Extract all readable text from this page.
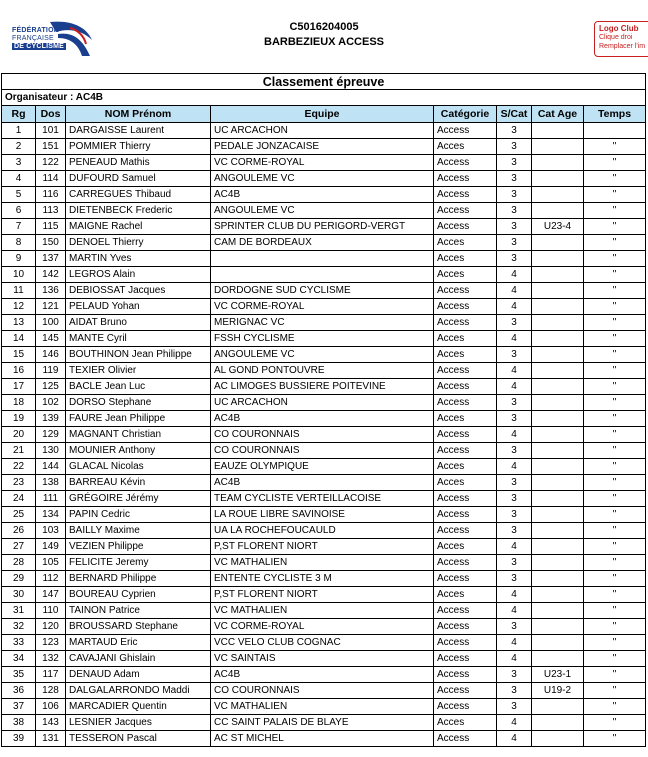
FÉDÉRATION
FRANÇAISE
DE CYCLISME
C5016204005
BARBEZIEUX ACCESS
Logo Club
Clique droi
Remplacer l'im
Classement épreuve							
Organisateur : AC4B							
Rg	Dos	NOM Prénom	Equipe	Catégorie	S/Cat	Cat Age	Temps
1	101	DARGAISSE Laurent	UC ARCACHON	Access	3		
2	151	POMMIER Thierry	PEDALE JONZACAISE	Acces	3		"
3	122	PENEAUD Mathis	VC CORME-ROYAL	Access	3		"
4	114	DUFOURD Samuel	ANGOULEME VC	Access	3		"
5	116	CARREGUES Thibaud	AC4B	Access	3		"
6	113	DIETENBECK Frederic	ANGOULEME VC	Access	3		"
7	115	MAIGNE Rachel	SPRINTER CLUB DU PERIGORD-VERGT	Access	3	U23-4	"
8	150	DENOEL Thierry	CAM DE BORDEAUX	Acces	3		"
9	137	MARTIN Yves		Acces	3		"
10	142	LEGROS Alain		Acces	4		"
11	136	DEBIOSSAT Jacques	DORDOGNE SUD CYCLISME	Access	4		"
12	121	PELAUD Yohan	VC CORME-ROYAL	Access	4		"
13	100	AIDAT Bruno	MERIGNAC VC	Access	3		"
14	145	MANTE Cyril	FSSH CYCLISME	Acces	4		"
15	146	BOUTHINON Jean Philippe	ANGOULEME VC	Acces	3		"
16	119	TEXIER Olivier	AL GOND PONTOUVRE	Access	4		"
17	125	BACLE Jean Luc	AC LIMOGES BUSSIERE POITEVINE	Access	4		"
18	102	DORSO Stephane	UC ARCACHON	Access	3		"
19	139	FAURE Jean Philippe	AC4B	Acces	3		"
20	129	MAGNANT Christian	CO COURONNAIS	Access	4		"
21	130	MOUNIER Anthony	CO COURONNAIS	Access	3		"
22	144	GLACAL Nicolas	EAUZE OLYMPIQUE	Acces	4		"
23	138	BARREAU Kévin	AC4B	Acces	3		"
24	111	GRÉGOIRE Jérémy	TEAM CYCLISTE VERTEILLACOISE	Access	3		"
25	134	PAPIN Cedric	LA ROUE LIBRE SAVINOISE	Access	3		"
26	103	BAILLY Maxime	UA LA ROCHEFOUCAULD	Access	3		"
27	149	VEZIEN Philippe	P,ST FLORENT NIORT	Acces	4		"
28	105	FELICITE Jeremy	VC MATHALIEN	Access	3		"
29	112	BERNARD Philippe	ENTENTE CYCLISTE 3 M	Access	3		"
30	147	BOUREAU Cyprien	P,ST FLORENT NIORT	Acces	4		"
31	110	TAINON Patrice	VC MATHALIEN	Access	4		"
32	120	BROUSSARD Stephane	VC CORME-ROYAL	Access	3		"
33	123	MARTAUD Eric	VCC VELO CLUB COGNAC	Access	4		"
34	132	CAVAJANI Ghislain	VC SAINTAIS	Access	4		"
35	117	DENAUD Adam	AC4B	Access	3	U23-1	"
36	128	DALGALARRONDO Maddi	CO COURONNAIS	Access	3	U19-2	"
37	106	MARCADIER Quentin	VC MATHALIEN	Access	3		"
38	143	LESNIER Jacques	CC SAINT PALAIS DE BLAYE	Acces	4		"
39	131	TESSERON Pascal	AC ST MICHEL	Access	4		"
